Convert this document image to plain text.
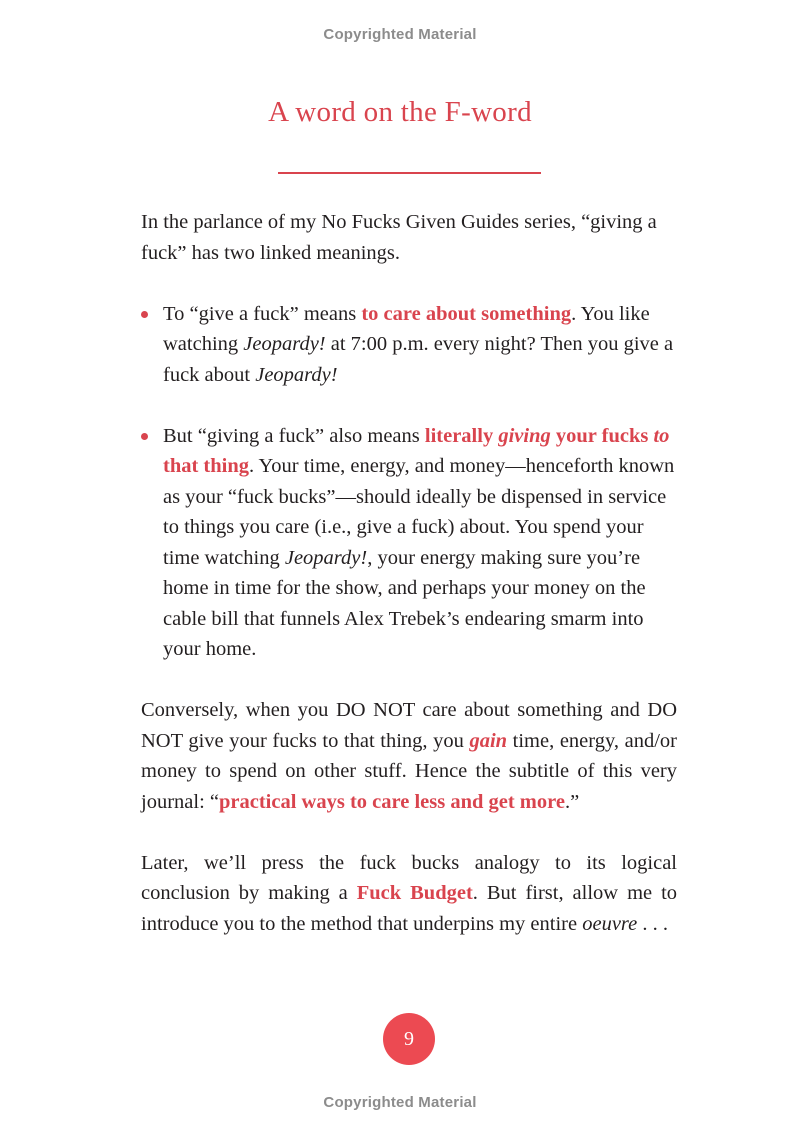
Copyrighted Material
A word on the F-word

In the parlance of my No Fucks Given Guides series, “giving a fuck” has two linked meanings.

To “give a fuck” means to care about something. You like watching Jeopardy! at 7:00 p.m. every night? Then you give a fuck about Jeopardy!
But “giving a fuck” also means literally giving your fucks to that thing. Your time, energy, and money—henceforth known as your “fuck bucks”—should ideally be dispensed in service to things you care (i.e., give a fuck) about. You spend your time watching Jeopardy!, your energy making sure you’re home in time for the show, and perhaps your money on the cable bill that funnels Alex Trebek’s endearing smarm into your home.

Conversely, when you DO NOT care about something and DO NOT give your fucks to that thing, you gain time, energy, and/or money to spend on other stuff. Hence the subtitle of this very journal: “practical ways to care less and get more.”

Later, we’ll press the fuck bucks analogy to its logical conclusion by making a Fuck Budget. But first, allow me to introduce you to the method that underpins my entire oeuvre . . .

9
Copyrighted Material
